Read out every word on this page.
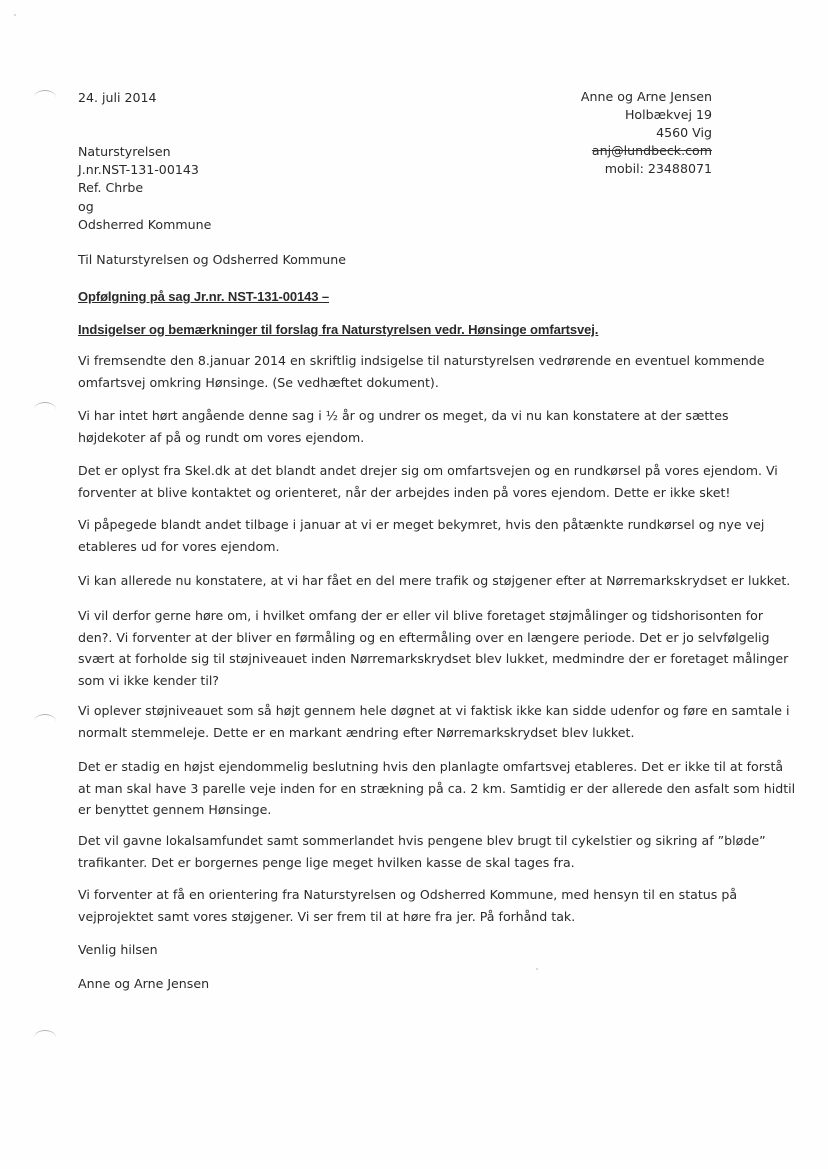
24. juli 2014	Anne og Arne Jensen
Holbækvej 19
4560 Vig
anj@lundbeck.com
mobil: 23488071
Naturstyrelsen
J.nr.NST-131-00143
Ref. Chrbe
og
Odsherred Kommune
Til Naturstyrelsen og Odsherred Kommune
Opfølgning på sag Jr.nr. NST-131-00143 –
Indsigelser og bemærkninger til forslag fra Naturstyrelsen vedr. Hønsinge omfartsvej.
Vi fremsendte den 8.januar 2014 en skriftlig indsigelse til naturstyrelsen vedrørende en eventuel kommende
omfartsvej omkring Hønsinge. (Se vedhæftet dokument).
Vi har intet hørt angående denne sag i ½ år og undrer os meget, da vi nu kan konstatere at der sættes
højdekoter af på og rundt om vores ejendom.
Det er oplyst fra Skel.dk at det blandt andet drejer sig om omfartsvejen og en rundkørsel på vores ejendom. Vi
forventer at blive kontaktet og orienteret, når der arbejdes inden på vores ejendom. Dette er ikke sket!
Vi påpegede blandt andet tilbage i januar at vi er meget bekymret, hvis den påtænkte rundkørsel og nye vej
etableres ud for vores ejendom.
Vi kan allerede nu konstatere, at vi har fået en del mere trafik og støjgener efter at Nørremarkskrydset er lukket.
Vi vil derfor gerne høre om, i hvilket omfang der er eller vil blive foretaget støjmålinger og tidshorisonten for
den?. Vi forventer at der bliver en førmåling og en eftermåling over en længere periode. Det er jo selvfølgelig
svært at forholde sig til støjniveauet inden Nørremarkskrydset blev lukket, medmindre der er foretaget målinger
som vi ikke kender til?
Vi oplever støjniveauet som så højt gennem hele døgnet at vi faktisk ikke kan sidde udenfor og føre en samtale i
normalt stemmeleje. Dette er en markant ændring efter Nørremarkskrydset blev lukket.
Det er stadig en højst ejendommelig beslutning hvis den planlagte omfartsvej etableres. Det er ikke til at forstå
at man skal have 3 parelle veje inden for en strækning på ca. 2 km. Samtidig er der allerede den asfalt som hidtil
er benyttet gennem Hønsinge.
Det vil gavne lokalsamfundet samt sommerlandet hvis pengene blev brugt til cykelstier og sikring af ”bløde”
trafikanter. Det er borgernes penge lige meget hvilken kasse de skal tages fra.
Vi forventer at få en orientering fra Naturstyrelsen og Odsherred Kommune, med hensyn til en status på
vejprojektet samt vores støjgener. Vi ser frem til at høre fra jer. På forhånd tak.
Venlig hilsen
Anne og Arne Jensen
